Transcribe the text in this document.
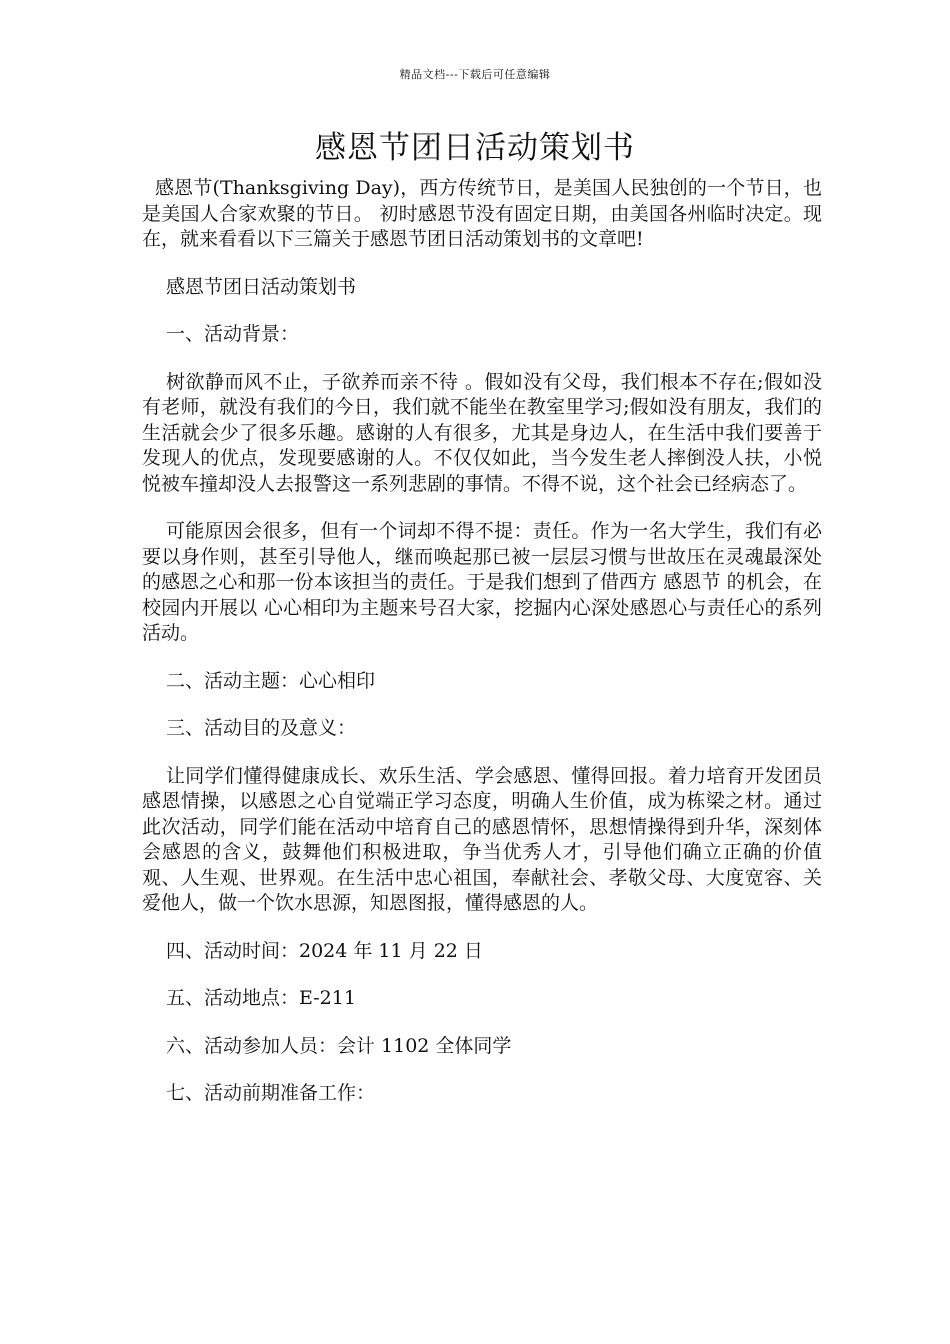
精品文档---下载后可任意编辑
感恩节团日活动策划书

感恩节(Thanksgiving Day)，西方传统节日，是美国人民独创的一个节日，也是美国人合家欢聚的节日。 初时感恩节没有固定日期，由美国各州临时决定。现在，就来看看以下三篇关于感恩节团日活动策划书的文章吧!

感恩节团日活动策划书

一、活动背景：

树欲静而风不止，子欲养而亲不待 。假如没有父母，我们根本不存在;假如没有老师，就没有我们的今日，我们就不能坐在教室里学习;假如没有朋友，我们的生活就会少了很多乐趣。感谢的人有很多，尤其是身边人，在生活中我们要善于发现人的优点，发现要感谢的人。不仅仅如此，当今发生老人摔倒没人扶，小悦悦被车撞却没人去报警这一系列悲剧的事情。不得不说，这个社会已经病态了。

可能原因会很多，但有一个词却不得不提：责任。作为一名大学生，我们有必要以身作则，甚至引导他人，继而唤起那已被一层层习惯与世故压在灵魂最深处的感恩之心和那一份本该担当的责任。于是我们想到了借西方 感恩节 的机会，在校园内开展以 心心相印为主题来号召大家，挖掘内心深处感恩心与责任心的系列活动。

二、活动主题：心心相印

三、活动目的及意义：

让同学们懂得健康成长、欢乐生活、学会感恩、懂得回报。着力培育开发团员感恩情操，以感恩之心自觉端正学习态度，明确人生价值，成为栋梁之材。通过此次活动，同学们能在活动中培育自己的感恩情怀，思想情操得到升华，深刻体会感恩的含义，鼓舞他们积极进取，争当优秀人才，引导他们确立正确的价值观、人生观、世界观。在生活中忠心祖国，奉献社会、孝敬父母、大度宽容、关爱他人，做一个饮水思源，知恩图报，懂得感恩的人。

四、活动时间：2024 年 11 月 22 日

五、活动地点：E-211

六、活动参加人员：会计 1102 全体同学

七、活动前期准备工作：
